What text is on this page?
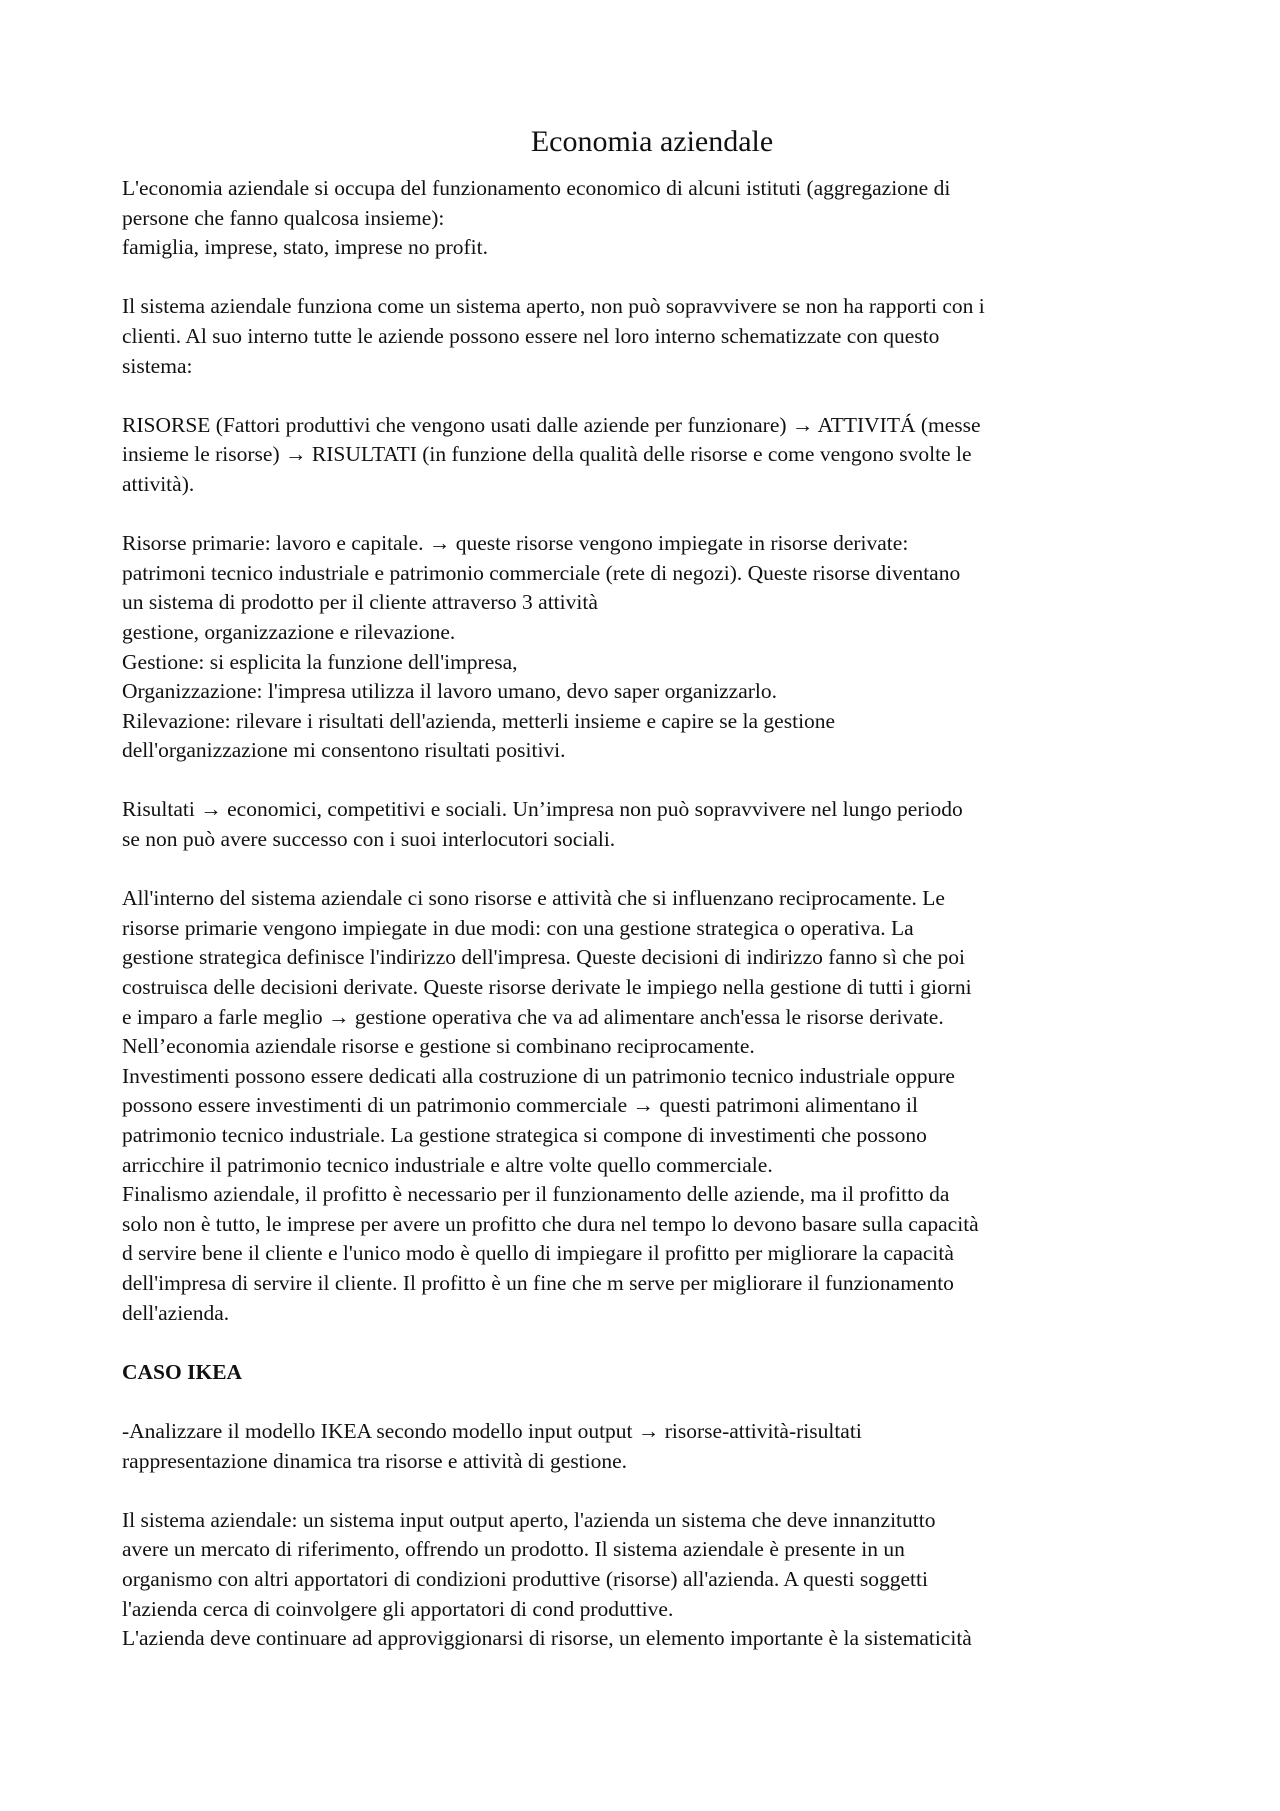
Economia aziendale
L'economia aziendale si occupa del funzionamento economico di alcuni istituti (aggregazione di
persone che fanno qualcosa insieme):
famiglia, imprese, stato, imprese no profit.
Il sistema aziendale funziona come un sistema aperto, non può sopravvivere se non ha rapporti con i
clienti. Al suo interno tutte le aziende possono essere nel loro interno schematizzate con questo
sistema:
RISORSE (Fattori produttivi che vengono usati dalle aziende per funzionare) → ATTIVITÁ (messe
insieme le risorse) → RISULTATI (in funzione della qualità delle risorse e come vengono svolte le
attività).
Risorse primarie: lavoro e capitale. → queste risorse vengono impiegate in risorse derivate:
patrimoni tecnico industriale e patrimonio commerciale (rete di negozi). Queste risorse diventano
un sistema di prodotto per il cliente attraverso 3 attività
gestione, organizzazione e rilevazione.
Gestione: si esplicita la funzione dell'impresa,
Organizzazione: l'impresa utilizza il lavoro umano, devo saper organizzarlo.
Rilevazione: rilevare i risultati dell'azienda, metterli insieme e capire se la gestione
dell'organizzazione mi consentono risultati positivi.
Risultati → economici, competitivi e sociali. Un’impresa non può sopravvivere nel lungo periodo
se non può avere successo con i suoi interlocutori sociali.
All'interno del sistema aziendale ci sono risorse e attività che si influenzano reciprocamente. Le
risorse primarie vengono impiegate in due modi: con una gestione strategica o operativa. La
gestione strategica definisce l'indirizzo dell'impresa. Queste decisioni di indirizzo fanno sì che poi
costruisca delle decisioni derivate. Queste risorse derivate le impiego nella gestione di tutti i giorni
e imparo a farle meglio → gestione operativa che va ad alimentare anch'essa le risorse derivate.
Nell’economia aziendale risorse e gestione si combinano reciprocamente.
Investimenti possono essere dedicati alla costruzione di un patrimonio tecnico industriale oppure
possono essere investimenti di un patrimonio commerciale → questi patrimoni alimentano il
patrimonio tecnico industriale. La gestione strategica si compone di investimenti che possono
arricchire il patrimonio tecnico industriale e altre volte quello commerciale.
Finalismo aziendale, il profitto è necessario per il funzionamento delle aziende, ma il profitto da
solo non è tutto, le imprese per avere un profitto che dura nel tempo lo devono basare sulla capacità
d servire bene il cliente e l'unico modo è quello di impiegare il profitto per migliorare la capacità
dell'impresa di servire il cliente. Il profitto è un fine che m serve per migliorare il funzionamento
dell'azienda.
CASO IKEA
-Analizzare il modello IKEA secondo modello input output → risorse-attività-risultati
rappresentazione dinamica tra risorse e attività di gestione.
Il sistema aziendale: un sistema input output aperto, l'azienda un sistema che deve innanzitutto
avere un mercato di riferimento, offrendo un prodotto. Il sistema aziendale è presente in un
organismo con altri apportatori di condizioni produttive (risorse) all'azienda. A questi soggetti
l'azienda cerca di coinvolgere gli apportatori di cond produttive.
L'azienda deve continuare ad approviggionarsi di risorse, un elemento importante è la sistematicità
